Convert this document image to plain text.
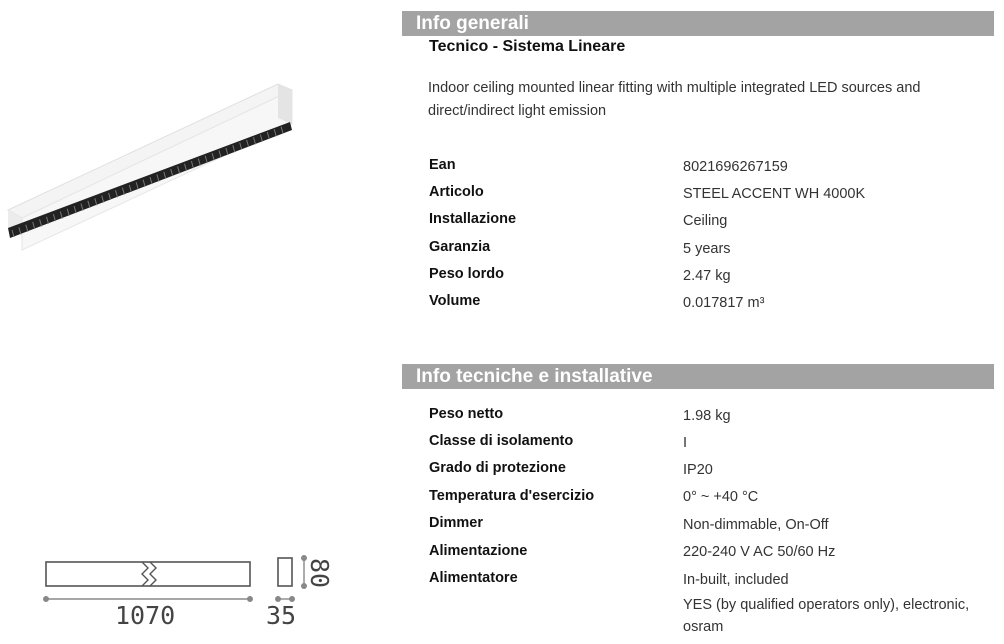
1070	35
80
Info generali
Tecnico - Sistema Lineare
Indoor ceiling mounted linear fitting with multiple integrated LED sources and direct/indirect light emission
Ean	8021696267159
Articolo	STEEL ACCENT WH 4000K
Installazione	Ceiling
Garanzia	5 years
Peso lordo	2.47 kg
Volume	0.017817 m³
Info tecniche e installative
Peso netto	1.98 kg
Classe di isolamento	I
Grado di protezione	IP20
Temperatura d'esercizio	0° ~ +40 °C
Dimmer	Non-dimmable, On-Off
Alimentazione	220-240 V AC 50/60 Hz
Alimentatore	In-built, included
YES (by qualified operators only), electronic, osram
